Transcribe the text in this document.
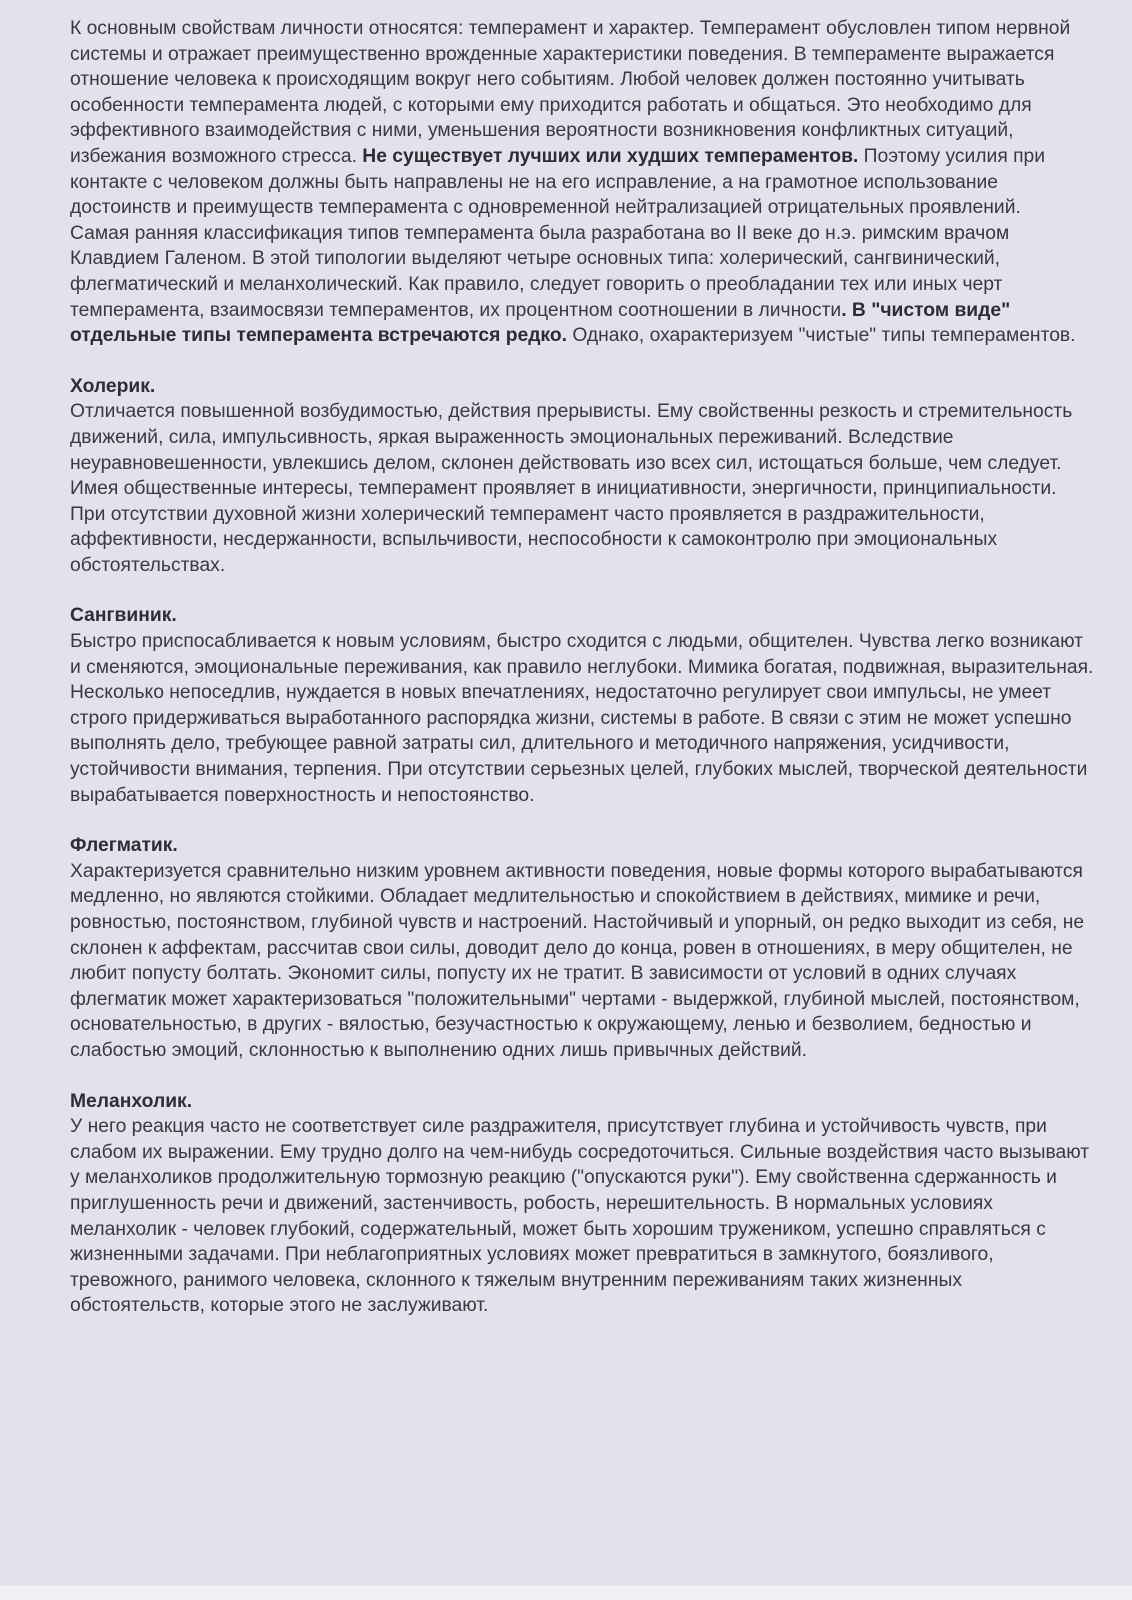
К основным свойствам личности относятся: темперамент и характер. Темперамент обусловлен типом нервной системы и отражает преимущественно врожденные характеристики поведения. В темпераменте выражается отношение человека к происходящим вокруг него событиям. Любой человек должен постоянно учитывать особенности темперамента людей, с которыми ему приходится работать и общаться. Это необходимо для эффективного взаимодействия с ними, уменьшения вероятности возникновения конфликтных ситуаций, избежания возможного стресса. Не существует лучших или худших темпераментов. Поэтому усилия при контакте с человеком должны быть направлены не на его исправление, а на грамотное использование достоинств и преимуществ темперамента с одновременной нейтрализацией отрицательных проявлений.

Самая ранняя классификация типов темперамента была разработана во II веке до н.э. римским врачом Клавдием Галеном. В этой типологии выделяют четыре основных типа: холерический, сангвинический, флегматический и меланхолический. Как правило, следует говорить о преобладании тех или иных черт темперамента, взаимосвязи темпераментов, их процентном соотношении в личности. В "чистом виде" отдельные типы темперамента встречаются редко. Однако, охарактеризуем "чистые" типы темпераментов.

Холерик.

Отличается повышенной возбудимостью, действия прерывисты. Ему свойственны резкость и стремительность движений, сила, импульсивность, яркая выраженность эмоциональных переживаний. Вследствие неуравновешенности, увлекшись делом, склонен действовать изо всех сил, истощаться больше, чем следует. Имея общественные интересы, темперамент проявляет в инициативности, энергичности, принципиальности. При отсутствии духовной жизни холерический темперамент часто проявляется в раздражительности, аффективности, несдержанности, вспыльчивости, неспособности к самоконтролю при эмоциональных обстоятельствах.

Сангвиник.

Быстро приспосабливается к новым условиям, быстро сходится с людьми, общителен. Чувства легко возникают и сменяются, эмоциональные переживания, как правило неглубоки. Мимика богатая, подвижная, выразительная. Несколько непоседлив, нуждается в новых впечатлениях, недостаточно регулирует свои импульсы, не умеет строго придерживаться выработанного распорядка жизни, системы в работе. В связи с этим не может успешно выполнять дело, требующее равной затраты сил, длительного и методичного напряжения, усидчивости, устойчивости внимания, терпения. При отсутствии серьезных целей, глубоких мыслей, творческой деятельности вырабатывается поверхностность и непостоянство.

Флегматик.

Характеризуется сравнительно низким уровнем активности поведения, новые формы которого вырабатываются медленно, но являются стойкими. Обладает медлительностью и спокойствием в действиях, мимике и речи, ровностью, постоянством, глубиной чувств и настроений. Настойчивый и упорный, он редко выходит из себя, не склонен к аффектам, рассчитав свои силы, доводит дело до конца, ровен в отношениях, в меру общителен, не любит попусту болтать. Экономит силы, попусту их не тратит. В зависимости от условий в одних случаях флегматик может характеризоваться "положительными" чертами - выдержкой, глубиной мыслей, постоянством, основательностью, в других - вялостью, безучастностью к окружающему, ленью и безволием, бедностью и слабостью эмоций, склонностью к выполнению одних лишь привычных действий.

Меланхолик.

У него реакция часто не соответствует силе раздражителя, присутствует глубина и устойчивость чувств, при слабом их выражении. Ему трудно долго на чем-нибудь сосредоточиться. Сильные воздействия часто вызывают у меланхоликов продолжительную тормозную реакцию ("опускаются руки"). Ему свойственна сдержанность и приглушенность речи и движений, застенчивость, робость, нерешительность. В нормальных условиях меланхолик - человек глубокий, содержательный, может быть хорошим тружеником, успешно справляться с жизненными задачами. При неблагоприятных условиях может превратиться в замкнутого, боязливого, тревожного, ранимого человека, склонного к тяжелым внутренним переживаниям таких жизненных обстоятельств, которые этого не заслуживают.
